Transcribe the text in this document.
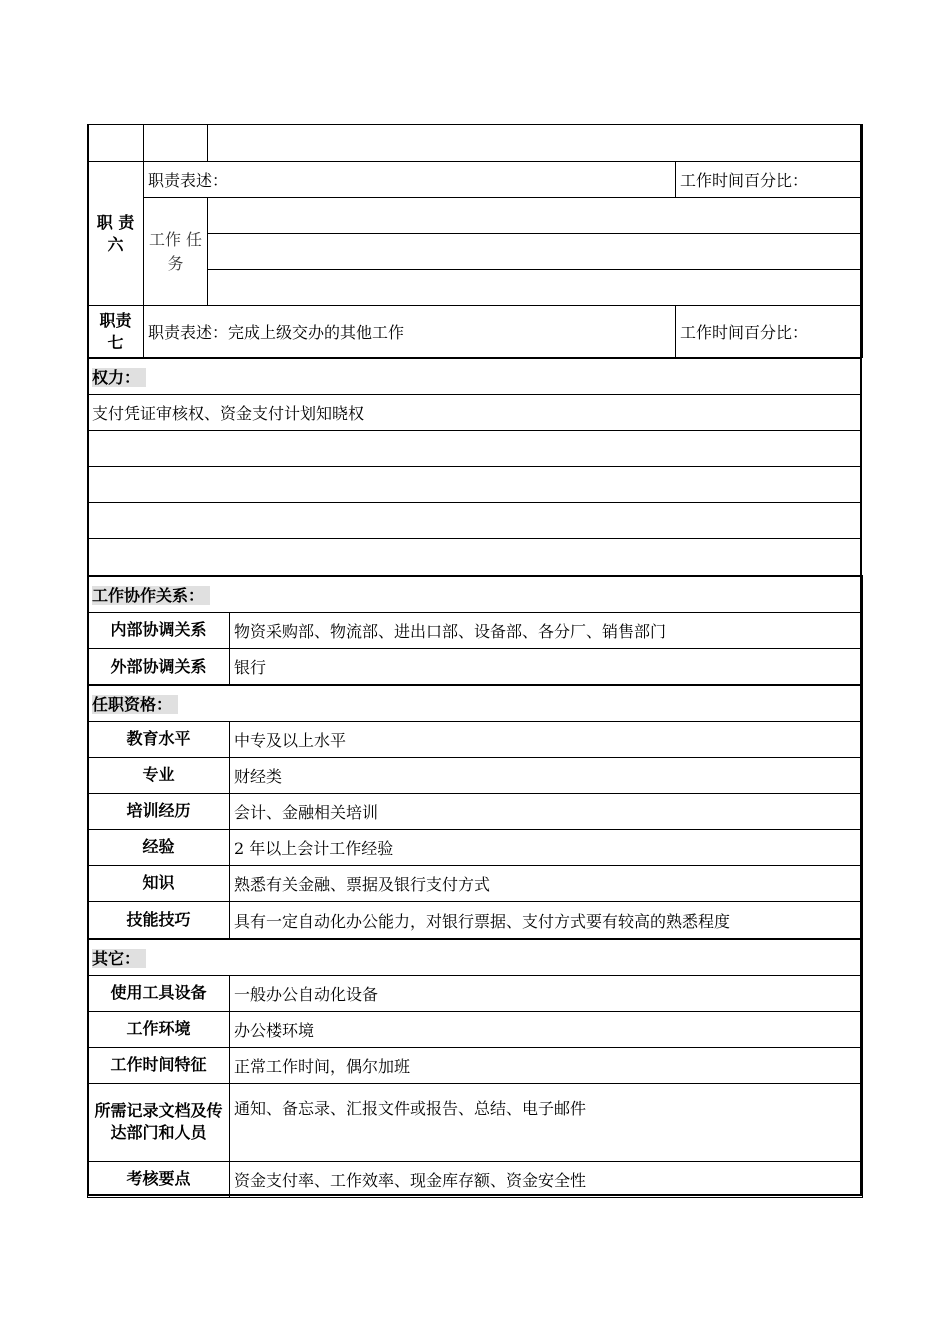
职 责 六	职责表述：		工作时间百分比：
	工作 任务		

职责 七	职责表述：完成上级交办的其他工作		工作时间百分比：
权力：
支付凭证审核权、资金支付计划知晓权

工作协作关系：	
内部协调关系	物资采购部、物流部、进出口部、设备部、各分厂、销售部门
外部协调关系	银行
任职资格：	
教育水平	中专及以上水平
专业	财经类
培训经历	会计、金融相关培训
经验	2 年以上会计工作经验
知识	熟悉有关金融、票据及银行支付方式
技能技巧	具有一定自动化办公能力，对银行票据、支付方式要有较高的熟悉程度
其它：	
使用工具设备	一般办公自动化设备
工作环境	办公楼环境
工作时间特征	正常工作时间，偶尔加班
所需记录文档及传达部门和人员	通知、备忘录、汇报文件或报告、总结、电子邮件
考核要点	资金支付率、工作效率、现金库存额、资金安全性
